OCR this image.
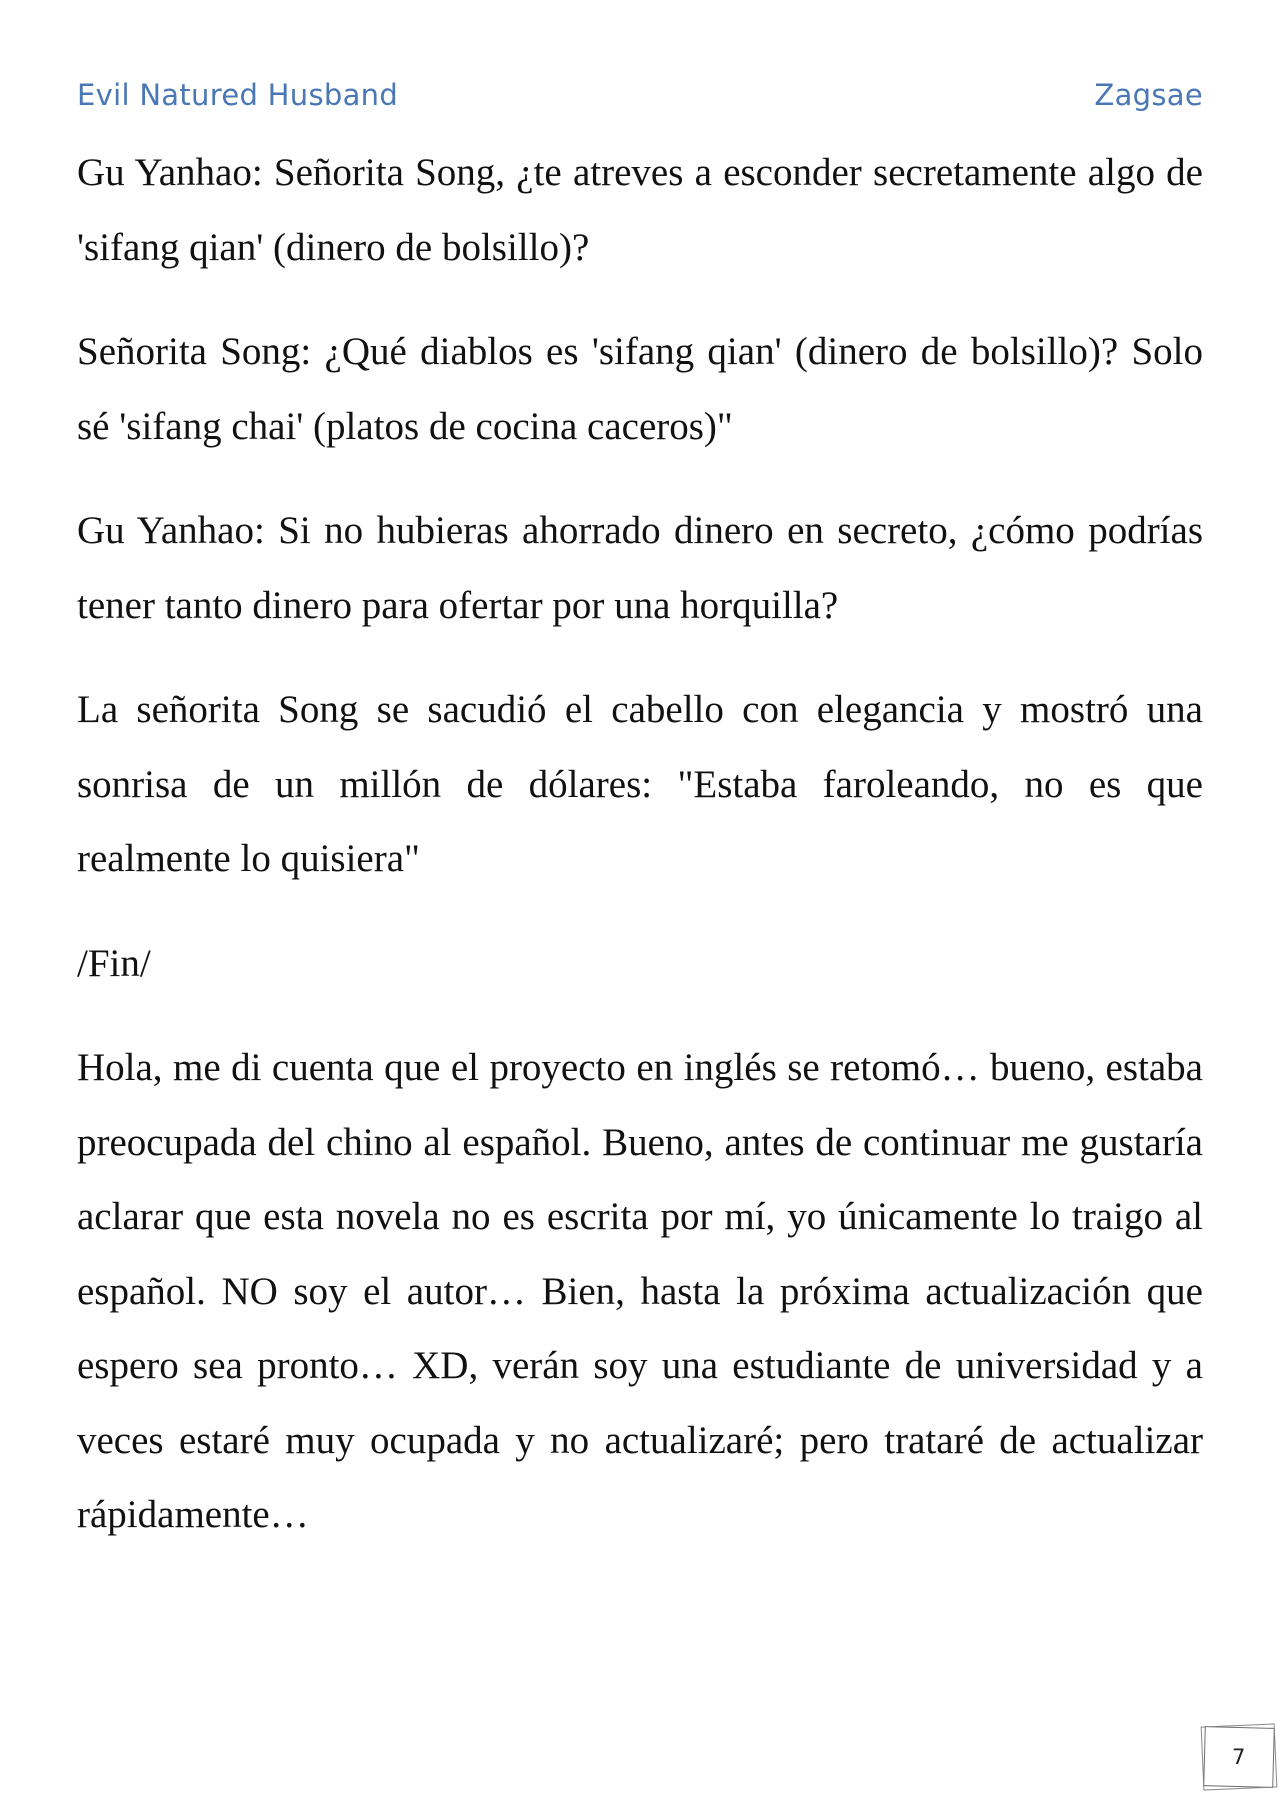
Evil Natured Husband	Zagsae

Gu Yanhao: Señorita Song, ¿te atreves a esconder secretamente algo de 'sifang qian' (dinero de bolsillo)?

Señorita Song: ¿Qué diablos es 'sifang qian' (dinero de bolsillo)? Solo sé 'sifang chai' (platos de cocina caceros)"

Gu Yanhao: Si no hubieras ahorrado dinero en secreto, ¿cómo podrías tener tanto dinero para ofertar por una horquilla?

La señorita Song se sacudió el cabello con elegancia y mostró una sonrisa de un millón de dólares: "Estaba faroleando, no es que realmente lo quisiera"

/Fin/

Hola, me di cuenta que el proyecto en inglés se retomó… bueno, estaba preocupada del chino al español. Bueno, antes de continuar me gustaría aclarar que esta novela no es escrita por mí, yo únicamente lo traigo al español. NO soy el autor… Bien, hasta la próxima actualización que espero sea pronto… XD, verán soy una estudiante de universidad y a veces estaré muy ocupada y no actualizaré; pero trataré de actualizar rápidamente…

7
